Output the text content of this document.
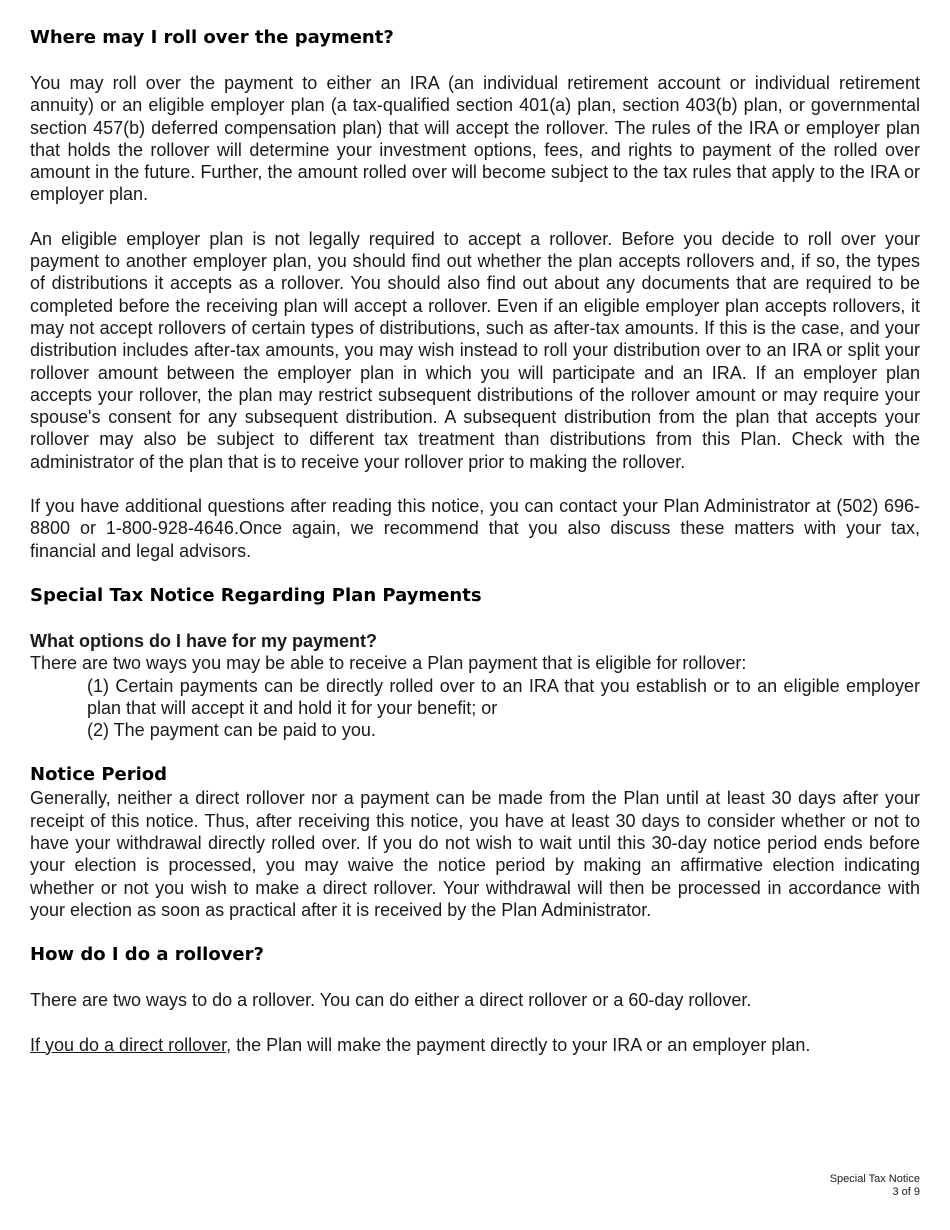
Where may I roll over the payment?

You may roll over the payment to either an IRA (an individual retirement account or individual retirement annuity) or an eligible employer plan (a tax-qualified section 401(a) plan, section 403(b) plan, or governmental section 457(b) deferred compensation plan) that will accept the rollover. The rules of the IRA or employer plan that holds the rollover will determine your investment options, fees, and rights to payment of the rolled over amount in the future. Further, the amount rolled over will become subject to the tax rules that apply to the IRA or employer plan.

An eligible employer plan is not legally required to accept a rollover. Before you decide to roll over your payment to another employer plan, you should find out whether the plan accepts rollovers and, if so, the types of distributions it accepts as a rollover. You should also find out about any documents that are required to be completed before the receiving plan will accept a rollover. Even if an eligible employer plan accepts rollovers, it may not accept rollovers of certain types of distributions, such as after-tax amounts. If this is the case, and your distribution includes after-tax amounts, you may wish instead to roll your distribution over to an IRA or split your rollover amount between the employer plan in which you will participate and an IRA. If an employer plan accepts your rollover, the plan may restrict subsequent distributions of the rollover amount or may require your spouse's consent for any subsequent distribution. A subsequent distribution from the plan that accepts your rollover may also be subject to different tax treatment than distributions from this Plan. Check with the administrator of the plan that is to receive your rollover prior to making the rollover.

If you have additional questions after reading this notice, you can contact your Plan Administrator at (502) 696-8800 or 1-800-928-4646.Once again, we recommend that you also discuss these matters with your tax, financial and legal advisors.

Special Tax Notice Regarding Plan Payments
What options do I have for my payment?

There are two ways you may be able to receive a Plan payment that is eligible for rollover:

(1) Certain payments can be directly rolled over to an IRA that you establish or to an eligible employer plan that will accept it and hold it for your benefit; or

(2) The payment can be paid to you.

Notice Period

Generally, neither a direct rollover nor a payment can be made from the Plan until at least 30 days after your receipt of this notice. Thus, after receiving this notice, you have at least 30 days to consider whether or not to have your withdrawal directly rolled over. If you do not wish to wait until this 30-day notice period ends before your election is processed, you may waive the notice period by making an affirmative election indicating whether or not you wish to make a direct rollover. Your withdrawal will then be processed in accordance with your election as soon as practical after it is received by the Plan Administrator.

How do I do a rollover?

There are two ways to do a rollover. You can do either a direct rollover or a 60-day rollover.

If you do a direct rollover, the Plan will make the payment directly to your IRA or an employer plan.

Special Tax Notice
3 of 9
